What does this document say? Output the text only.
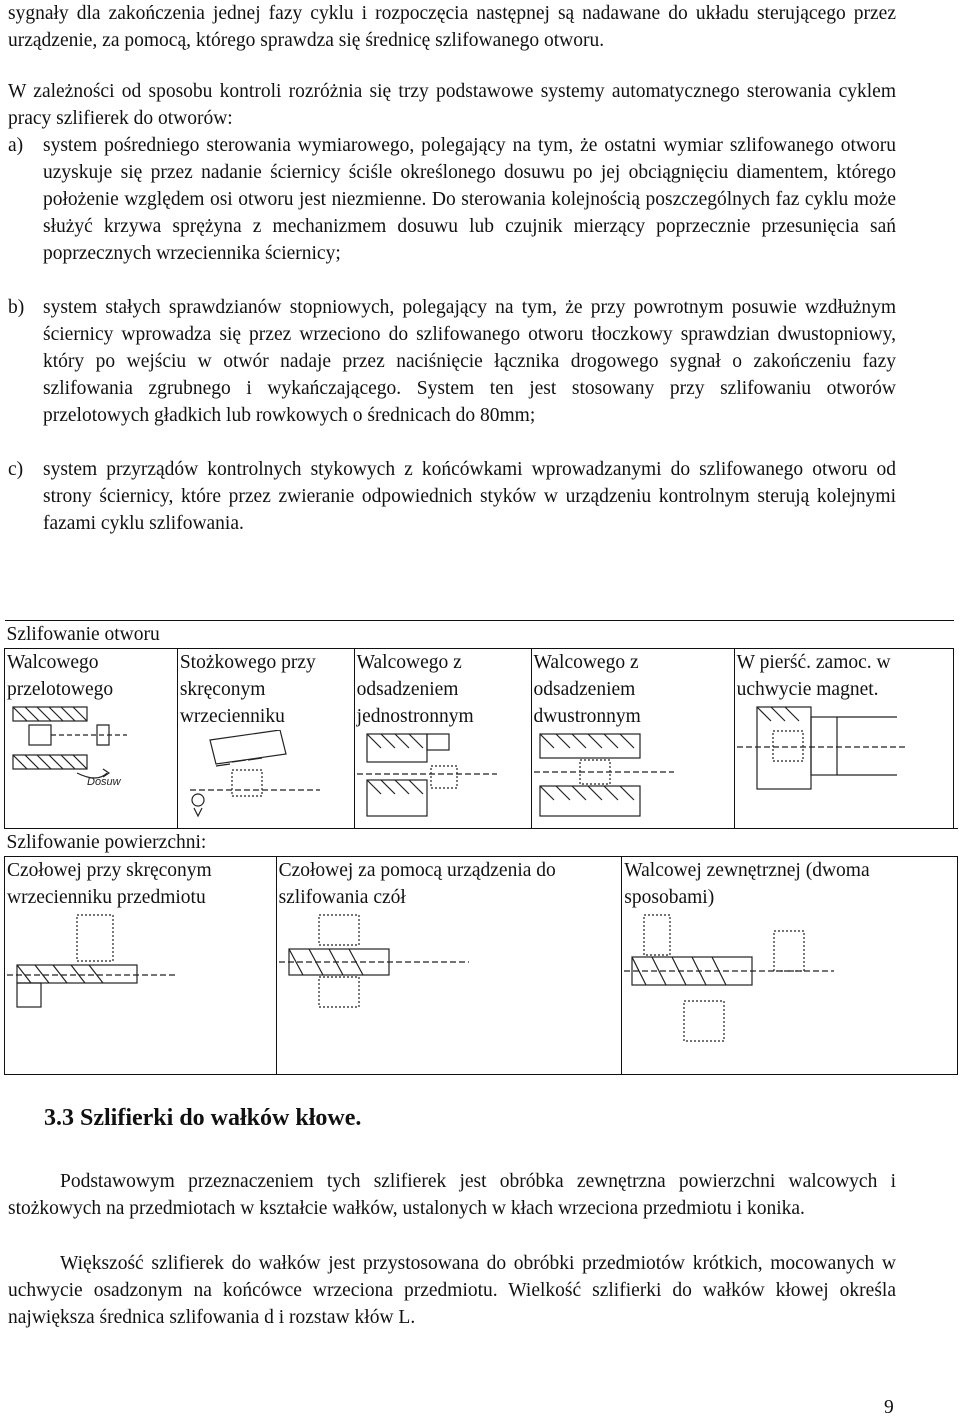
sygnały dla zakończenia jednej fazy cyklu i rozpoczęcia następnej są nadawane do układu sterującego przez urządzenie, za pomocą, którego sprawdza się średnicę szlifowanego otworu.

W zależności od sposobu kontroli rozróżnia się trzy podstawowe systemy automatycznego sterowania cyklem pracy szlifierek do otworów:

a)	system pośredniego sterowania wymiarowego, polegający na tym, że ostatni wymiar szlifowanego otworu uzyskuje się przez nadanie ściernicy ściśle określonego dosuwu po jej obciągnięciu diamentem, którego położenie względem osi otworu jest niezmienne. Do sterowania kolejnością poszczególnych faz cyklu może służyć krzywa sprężyna z mechanizmem dosuwu lub czujnik mierzący poprzecznie przesunięcia sań poprzecznych wrzeciennika ściernicy;
b) system stałych sprawdzianów stopniowych, polegający na tym, że przy powrotnym posuwie wzdłużnym ściernicy wprowadza się przez wrzeciono do szlifowanego otworu tłoczkowy sprawdzian dwustopniowy, który po wejściu w otwór nadaje przez naciśnięcie łącznika drogowego sygnał o zakończeniu fazy szlifowania zgrubnego i wykańczającego. System ten jest stosowany przy szlifowaniu otworów przelotowych gładkich lub rowkowych o średnicach do 80mm;
c)	system przyrządów kontrolnych stykowych z końcówkami wprowadzanymi do szlifowanego otworu od strony ściernicy, które przez zwieranie odpowiednich styków w urządzeniu kontrolnym sterują kolejnymi fazami cyklu szlifowania.
Szlifowanie otworu

Walcowego przelotowego
Dosuw

Stożkowego przy skręconym wrzecienniku

Walcowego z odsadzeniem jednostronnym

Walcowego z odsadzeniem dwustronnym

W pierść. zamoc. w uchwycie magnet.
Szlifowanie powierzchni:

Czołowej przy skręconym wrzecienniku przedmiotu

Czołowej za pomocą urządzenia do szlifowania czół

Walcowej zewnętrznej (dwoma sposobami)
3.3 Szlifierki do wałków kłowe.

Podstawowym przeznaczeniem tych szlifierek jest obróbka zewnętrzna powierzchni walcowych i stożkowych na przedmiotach w kształcie wałków, ustalonych w kłach wrzeciona przedmiotu i konika.

Większość szlifierek do wałków jest przystosowana do obróbki przedmiotów krótkich, mocowanych w uchwycie osadzonym na końcówce wrzeciona przedmiotu. Wielkość szlifierki do wałków kłowej określa największa średnica szlifowania d i rozstaw kłów L.

9
